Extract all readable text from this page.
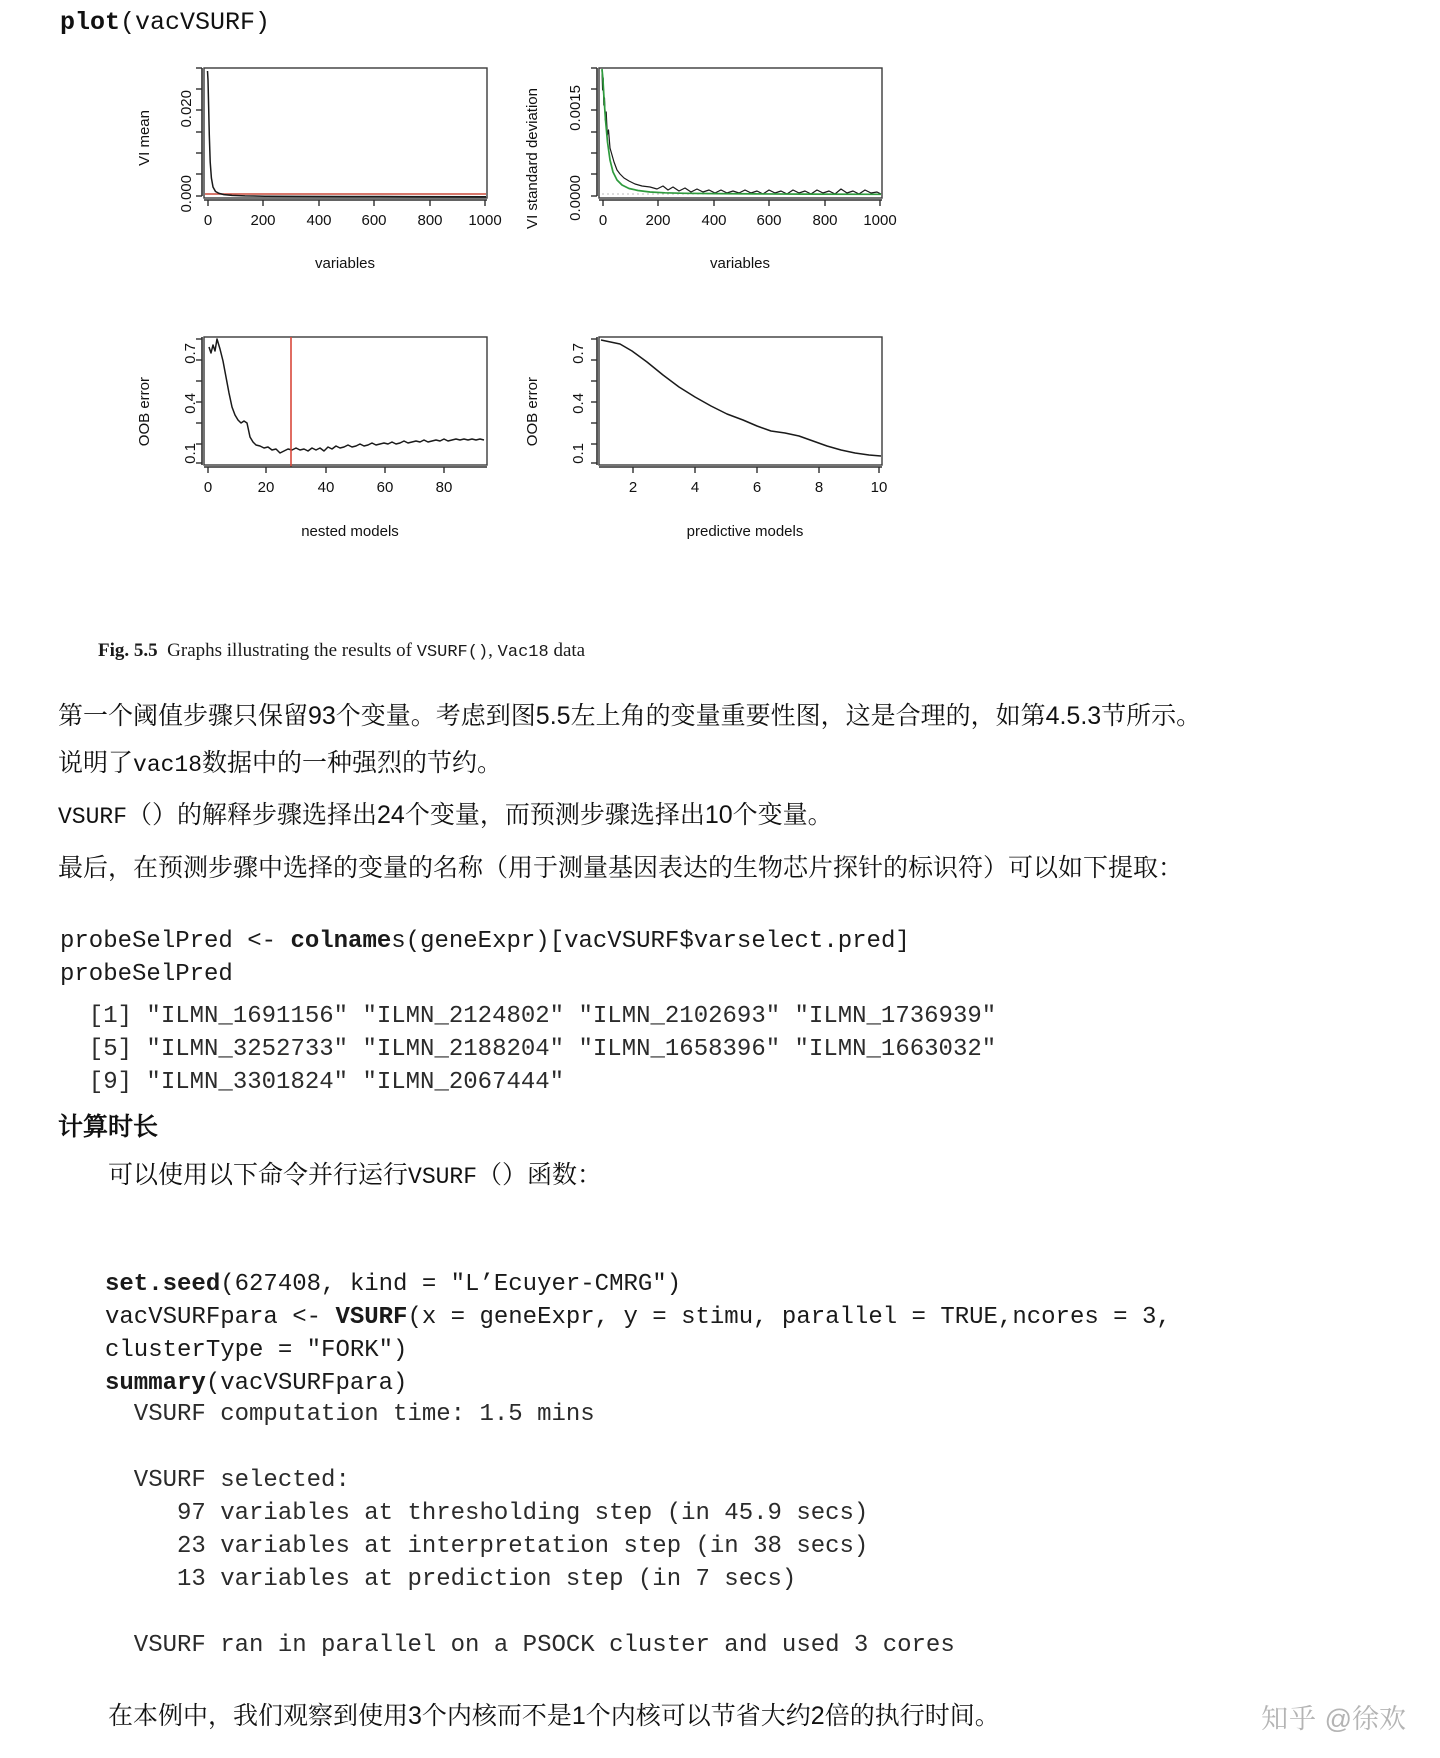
plot(vacVSURF)
VI mean
0.000
0.020
0	200	400	600	800	1000
variables
VI standard deviation 0.0000
0.0015
0	200	400	600	800	1000
variables
OOB error
0.1
0.4
0.7
0	20	40	60	80
nested models
OOB error
0.1
0.4
0.7
2	4	6	8	10
predictive models
Fig. 5.5 Graphs illustrating the results of VSURF(), Vac18 data
第一个阈值步骤只保留93个变量。考虑到图5.5左上角的变量重要性图，这是合理的，如第4.5.3节所示。
说明了vac18数据中的一种强烈的节约。
VSURF（）的解释步骤选择出24个变量，而预测步骤选择出10个变量。
最后，在预测步骤中选择的变量的名称（用于测量基因表达的生物芯片探针的标识符）可以如下提取：
probeSelPred <- colnames(geneExpr)[vacVSURF$varselect.pred]
probeSelPred
[1] "ILMN_1691156" "ILMN_2124802" "ILMN_2102693" "ILMN_1736939"
[5] "ILMN_3252733" "ILMN_2188204" "ILMN_1658396" "ILMN_1663032"
[9] "ILMN_3301824" "ILMN_2067444"
计算时长
可以使用以下命令并行运行VSURF（）函数：
set.seed(627408, kind = "L’Ecuyer-CMRG")
vacVSURFpara <- VSURF(x = geneExpr, y = stimu, parallel = TRUE,ncores = 3,
clusterType = "FORK")
summary(vacVSURFpara)
VSURF computation time: 1.5 mins

VSURF selected:
97 variables at thresholding step (in 45.9 secs)
23 variables at interpretation step (in 38 secs)
13 variables at prediction step (in 7 secs)

VSURF ran in parallel on a PSOCK cluster and used 3 cores
在本例中，我们观察到使用3个内核而不是1个内核可以节省大约2倍的执行时间。	知乎 @徐欢
